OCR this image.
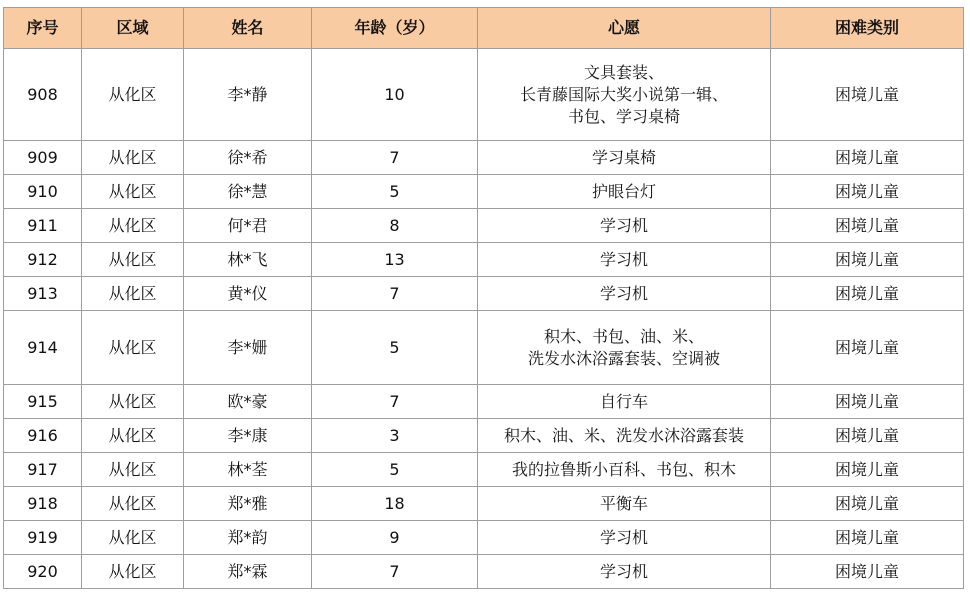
序号	区域	姓名	年龄（岁）	心愿	困难类别
908	从化区	李*静	10	文具套装、
长青藤国际大奖小说第一辑、
书包、学习桌椅	困境儿童
909	从化区	徐*希	7	学习桌椅	困境儿童
910	从化区	徐*慧	5	护眼台灯	困境儿童
911	从化区	何*君	8	学习机	困境儿童
912	从化区	林*飞	13	学习机	困境儿童
913	从化区	黄*仪	7	学习机	困境儿童
914	从化区	李*姗	5	积木、书包、油、米、
洗发水沐浴露套装、空调被	困境儿童
915	从化区	欧*豪	7	自行车	困境儿童
916	从化区	李*康	3	积木、油、米、洗发水沐浴露套装	困境儿童
917	从化区	林*荃	5	我的拉鲁斯小百科、书包、积木	困境儿童
918	从化区	郑*雅	18	平衡车	困境儿童
919	从化区	郑*韵	9	学习机	困境儿童
920	从化区	郑*霖	7	学习机	困境儿童
